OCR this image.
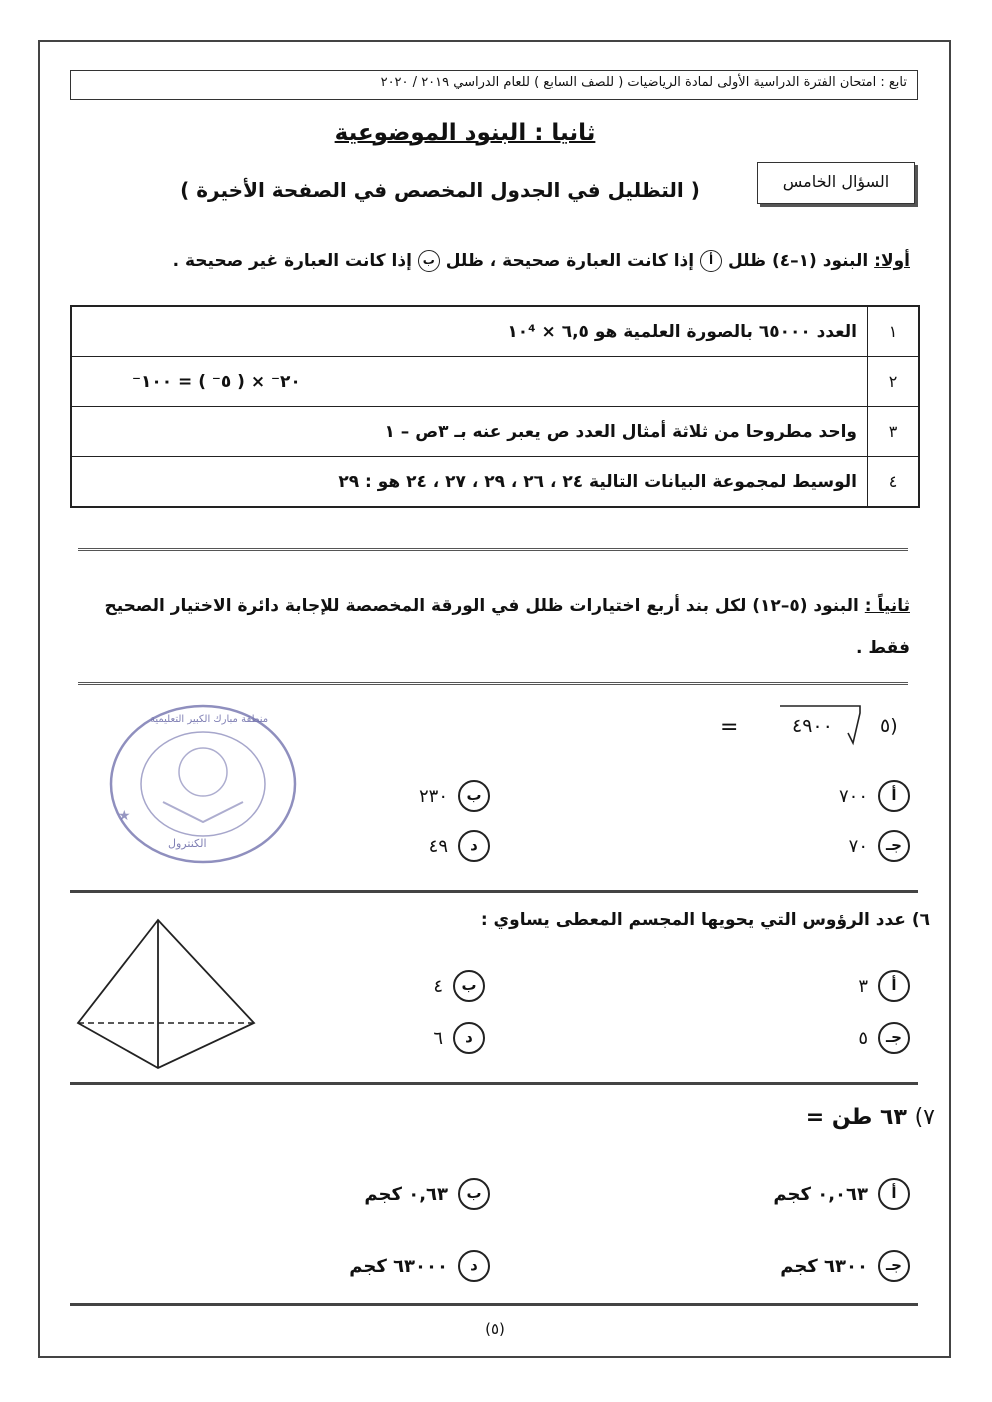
تابع : امتحان الفترة الدراسية الأولى لمادة الرياضيات ( للصف السابع ) للعام الدراسي ٢٠١٩ / ٢٠٢٠
ثانيا : البنود الموضوعية
السؤال الخامس
( التظليل في الجدول المخصص في الصفحة الأخيرة )
أولا: البنود (١–٤) ظلل أ إذا كانت العبارة صحيحة ، ظلل ب إذا كانت العبارة غير صحيحة .
١	العدد ٦٥٠٠٠ بالصورة العلمية هو ٦,٥ × ١٠⁴
٢	٢٠⁻ × ( ٥⁻ ) = ١٠٠⁻
٣	واحد مطروحا من ثلاثة أمثال العدد ص يعبر عنه بـ ٣ص – ١
٤	الوسيط لمجموعة البيانات التالية ٢٤ ، ٢٦ ، ٢٩ ، ٢٧ ، ٢٤ هو : ٢٩
ثانياً : البنود (٥–١٢) لكل بند أربع اختيارات ظلل في الورقة المخصصة للإجابة دائرة الاختيار الصحيح فقط .
٥)
٤٩٠٠
=
أ
٧٠٠
ب
٢٣٠
جـ
٧٠
د
٤٩
★
منطقة مبارك الكبير التعليمية
الكنترول
٦) عدد الرؤوس التي يحويها المجسم المعطى يساوي :
أ
٣
ب
٤
جـ
٥
د
٦
٧) ٦٣ طن =
أ
٠,٠٦٣ كجم
ب
٠,٦٣ كجم
جـ
٦٣٠٠ كجم
د
٦٣٠٠٠ كجم
(٥)
